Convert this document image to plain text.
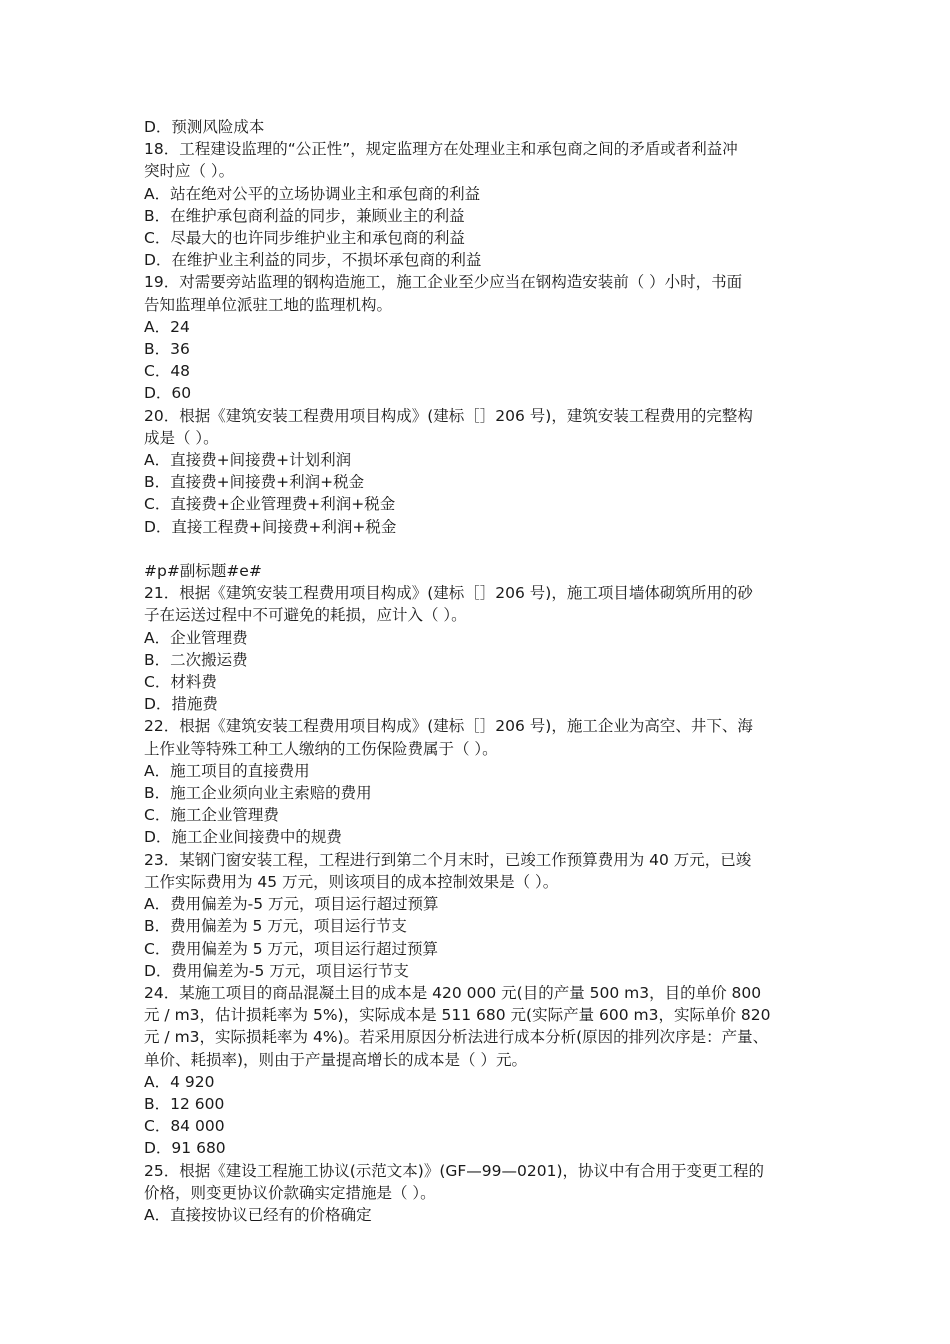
D．预测风险成本
18．工程建设监理的“公正性”，规定监理方在处理业主和承包商之间的矛盾或者利益冲
突时应（ ）。
A．站在绝对公平的立场协调业主和承包商的利益
B．在维护承包商利益的同步，兼顾业主的利益
C．尽最大的也许同步维护业主和承包商的利益
D．在维护业主利益的同步，不损坏承包商的利益
19．对需要旁站监理的钢构造施工，施工企业至少应当在钢构造安装前（ ）小时，书面
告知监理单位派驻工地的监理机构。
A．24
B．36
C．48
D．60
20．根据《建筑安装工程费用项目构成》(建标［］206 号)，建筑安装工程费用的完整构
成是（ ）。
A．直接费+间接费+计划利润
B．直接费+间接费+利润+税金
C．直接费+企业管理费+利润+税金
D．直接工程费+间接费+利润+税金
#p#副标题#e#
21．根据《建筑安装工程费用项目构成》(建标［］206 号)，施工项目墙体砌筑所用的砂
子在运送过程中不可避免的耗损，应计入（ ）。
A．企业管理费
B．二次搬运费
C．材料费
D．措施费
22．根据《建筑安装工程费用项目构成》(建标［］206 号)，施工企业为高空、井下、海
上作业等特殊工种工人缴纳的工伤保险费属于（ ）。
A．施工项目的直接费用
B．施工企业须向业主索赔的费用
C．施工企业管理费
D．施工企业间接费中的规费
23．某钢门窗安装工程，工程进行到第二个月末时，已竣工作预算费用为 40 万元，已竣
工作实际费用为 45 万元，则该项目的成本控制效果是（ ）。
A．费用偏差为-5 万元，项目运行超过预算
B．费用偏差为 5 万元，项目运行节支
C．费用偏差为 5 万元，项目运行超过预算
D．费用偏差为-5 万元，项目运行节支
24．某施工项目的商品混凝土目的成本是 420 000 元(目的产量 500 m3，目的单价 800
元 / m3，估计损耗率为 5%)，实际成本是 511 680 元(实际产量 600 m3，实际单价 820
元 / m3，实际损耗率为 4%)。若采用原因分析法进行成本分析(原因的排列次序是：产量、
单价、耗损率)，则由于产量提高增长的成本是（ ）元。
A．4 920
B．12 600
C．84 000
D．91 680
25．根据《建设工程施工协议(示范文本)》(GF—99—0201)，协议中有合用于变更工程的
价格，则变更协议价款确实定措施是（ ）。
A．直接按协议已经有的价格确定
